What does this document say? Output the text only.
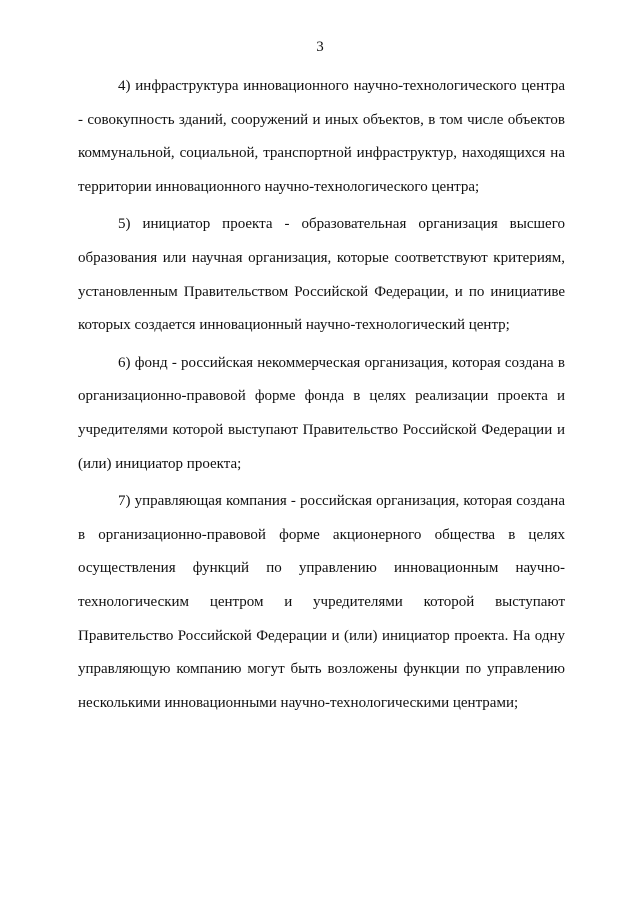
3

4) инфраструктура инновационного научно-технологического центра - совокупность зданий, сооружений и иных объектов, в том числе объектов коммунальной, социальной, транспортной инфраструктур, находящихся на территории инновационного научно-технологического центра;

5) инициатор проекта - образовательная организация высшего образования или научная организация, которые соответствуют критериям, установленным Правительством Российской Федерации, и по инициативе которых создается инновационный научно-технологический центр;

6) фонд - российская некоммерческая организация, которая создана в организационно-правовой форме фонда в целях реализации проекта и учредителями которой выступают Правительство Российской Федерации и (или) инициатор проекта;

7) управляющая компания - российская организация, которая создана в организационно-правовой форме акционерного общества в целях осуществления функций по управлению инновационным научно-технологическим центром и учредителями которой выступают Правительство Российской Федерации и (или) инициатор проекта. На одну управляющую компанию могут быть возложены функции по управлению несколькими инновационными научно-технологическими центрами;
